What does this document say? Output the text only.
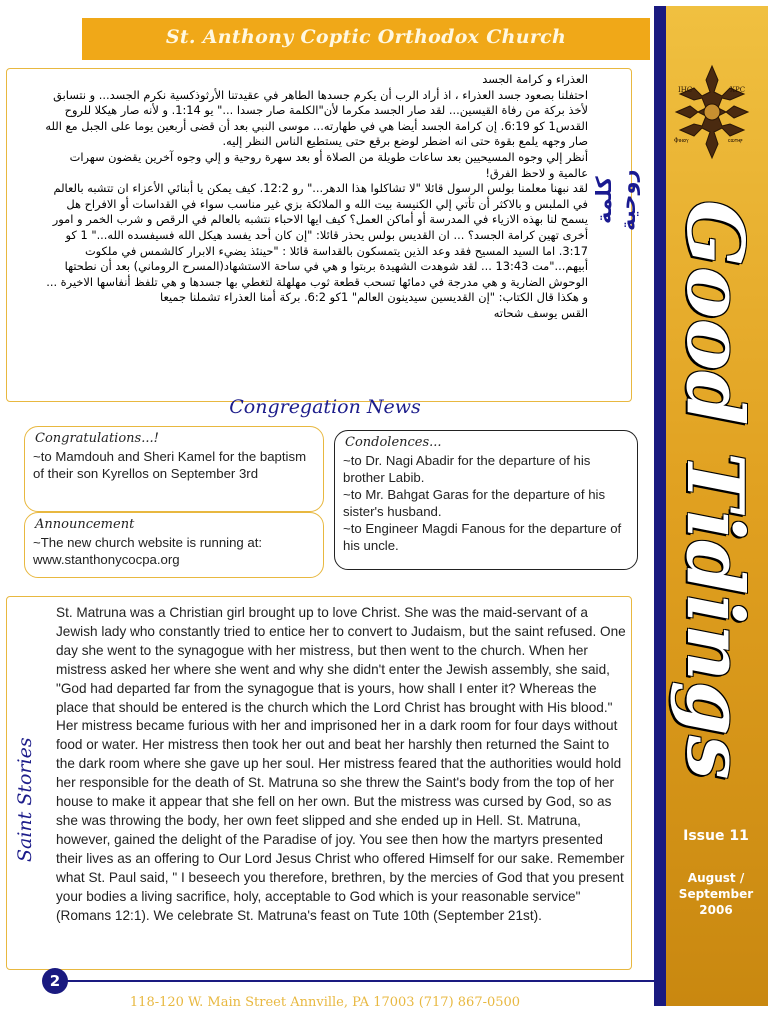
St. Anthony Coptic Orthodox Church
IHC	XPC
Ⲫⲓⲛⲟⲩ	ⲥⲱⲧⲏⲣ
Good Tidings
Issue 11
August /
September
2006

العذراء و كرامة الجسد

احتفلنا بصعود جسد العذراء ، اذ أراد الرب أن يكرم جسدها الطاهر في عقيدتنا الأرثوذكسية نكرم الجسد... و نتسابق لأخذ بركة من رفاة القيسين... لقد صار الجسد مكرما لأن"الكلمة صار جسدا ..." يو 1:14. و لأنه صار هيكلا للروح القدس1 كو 6:19. إن كرامة الجسد أيضا هي في طهارته... موسى النبي بعد أن قضى أربعين يوما على الجبل مع الله صار وجهه يلمع بقوة حتى انه اضطر لوضع برقع حتى يستطيع الناس النظر إليه.

أنظر إلي وجوه المسيحيين بعد ساعات طويلة من الصلاة أو بعد سهرة روحية و إلي وجوه آخرين يقضون سهرات عالمية و لاحظ الفرق!

لقد نبهنا معلمنا بولس الرسول قائلا "لا تشاكلوا هذا الدهر..." رو 12:2. كيف يمكن يا أبنائي الأعزاء ان تتشبه بالعالم في الملبس و بالاكثر أن تأتي إلي الكنيسة بيت الله و الملائكة بزي غير مناسب سواء في القداسات أو الافراح هل يسمح لنا بهذه الازياء في المدرسة أو أماكن العمل؟ كيف ايها الاحباء نتشبه بالعالم في الرقص و شرب الخمر و امور أخرى تهين كرامة الجسد؟ ... ان القديس بولس يحذر قائلا: "إن كان أحد يفسد هيكل الله فسيفسده الله..." 1 كو 3:17. اما السيد المسيح فقد وعد الذين يتمسكون بالقداسة قائلا : "حينئذ يضيء الابرار كالشمس في ملكوت أبيهم..."مت 13:43 ... لقد شوهدت الشهيدة بربتوا و هي في ساحة الاستشهاد(المسرح الروماني) بعد أن نطحتها الوحوش الضارية و هي مدرجة في دمائها تسحب قطعة ثوب مهلهلة لتغطي بها جسدها و هي تلفظ أنفاسها الاخيرة ... و هكذا قال الكتاب: "إن القديسين سيدينون العالم" 1كو 6:2. بركة أمنا العذراء تشملنا جميعا

القس يوسف شحاته

كلمة روحية
Congregation News
Congratulations...!
~to Mamdouh and Sheri Kamel for the baptism of their son Kyrellos on September 3rd
Announcement
~The new church website is running at: www.stanthonycocpa.org
Condolences...
~to Dr. Nagi Abadir for the departure of his brother Labib.
~to Mr. Bahgat Garas for the departure of his sister's husband.
~to Engineer Magdi Fanous for the departure of his uncle.
Saint Stories
St. Matruna was a Christian girl brought up to love Christ. She was the maid-servant of a Jewish lady who constantly tried to entice her to convert to Judaism, but the saint refused. One day she went to the synagogue with her mistress, but then went to the church. When her mistress asked her where she went and why she didn't enter the Jewish assembly, she said, "God had departed far from the synagogue that is yours, how shall I enter it? Whereas the place that should be entered is the church which the Lord Christ has brought with His blood." Her mistress became furious with her and imprisoned her in a dark room for four days without food or water. Her mistress then took her out and beat her harshly then returned the Saint to the dark room where she gave up her soul. Her mistress feared that the authorities would hold her responsible for the death of St. Matruna so she threw the Saint's body from the top of her house to make it appear that she fell on her own. But the mistress was cursed by God, so as she was throwing the body, her own feet slipped and she ended up in Hell. St. Matruna, however, gained the delight of the Paradise of joy. You see then how the martyrs presented their lives as an offering to Our Lord Jesus Christ who offered Himself for our sake. Remember what St. Paul said, " I beseech you therefore, brethren, by the mercies of God that you present your bodies a living sacrifice, holy, acceptable to God which is your reasonable service" (Romans 12:1). We celebrate St. Matruna's feast on Tute 10th (September 21st).
2
118-120 W. Main Street Annville, PA 17003 (717) 867-0500
